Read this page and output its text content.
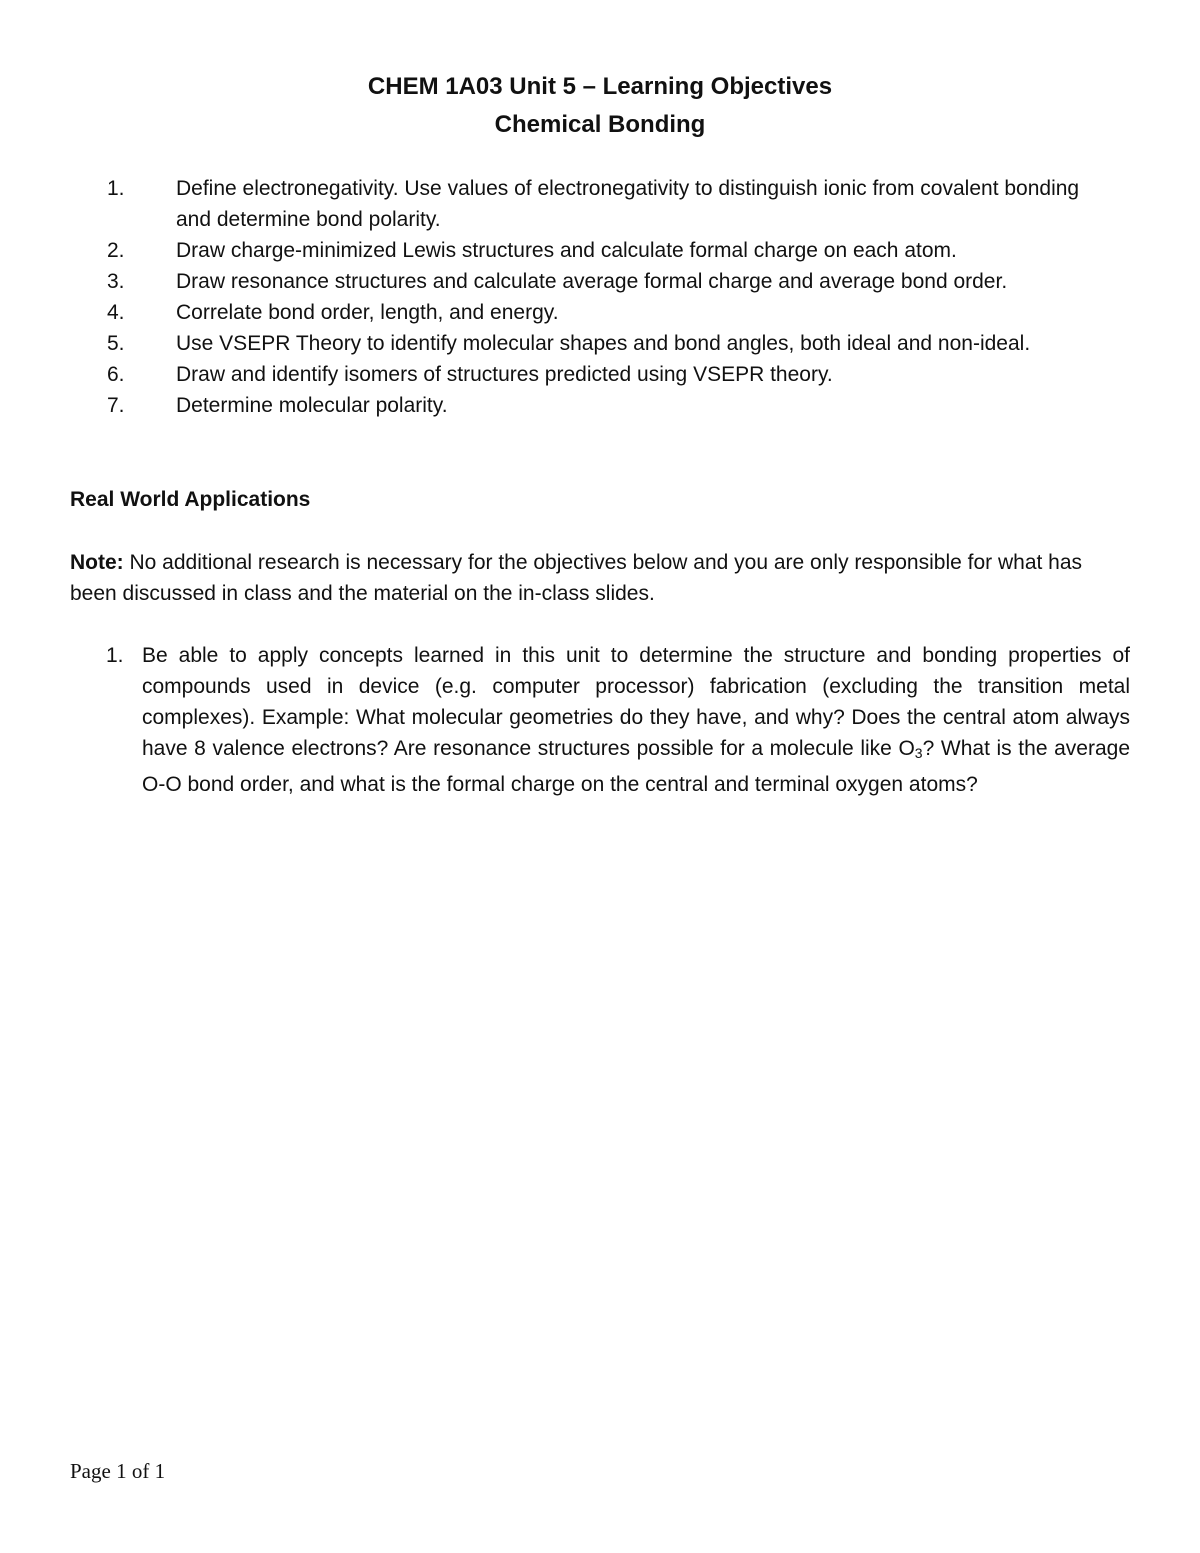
CHEM 1A03 Unit 5 – Learning Objectives
Chemical Bonding
1. Define electronegativity. Use values of electronegativity to distinguish ionic from covalent bonding and determine bond polarity.
2. Draw charge-minimized Lewis structures and calculate formal charge on each atom.
3. Draw resonance structures and calculate average formal charge and average bond order.
4. Correlate bond order, length, and energy.
5. Use VSEPR Theory to identify molecular shapes and bond angles, both ideal and non-ideal.
6. Draw and identify isomers of structures predicted using VSEPR theory.
7. Determine molecular polarity.
Real World Applications
Note: No additional research is necessary for the objectives below and you are only responsible for what has been discussed in class and the material on the in-class slides.
1. Be able to apply concepts learned in this unit to determine the structure and bonding properties of compounds used in device (e.g. computer processor) fabrication (excluding the transition metal complexes). Example: What molecular geometries do they have, and why? Does the central atom always have 8 valence electrons? Are resonance structures possible for a molecule like $O_3$? What is the average O-O bond order, and what is the formal charge on the central and terminal oxygen atoms?
Page 1 of 1
